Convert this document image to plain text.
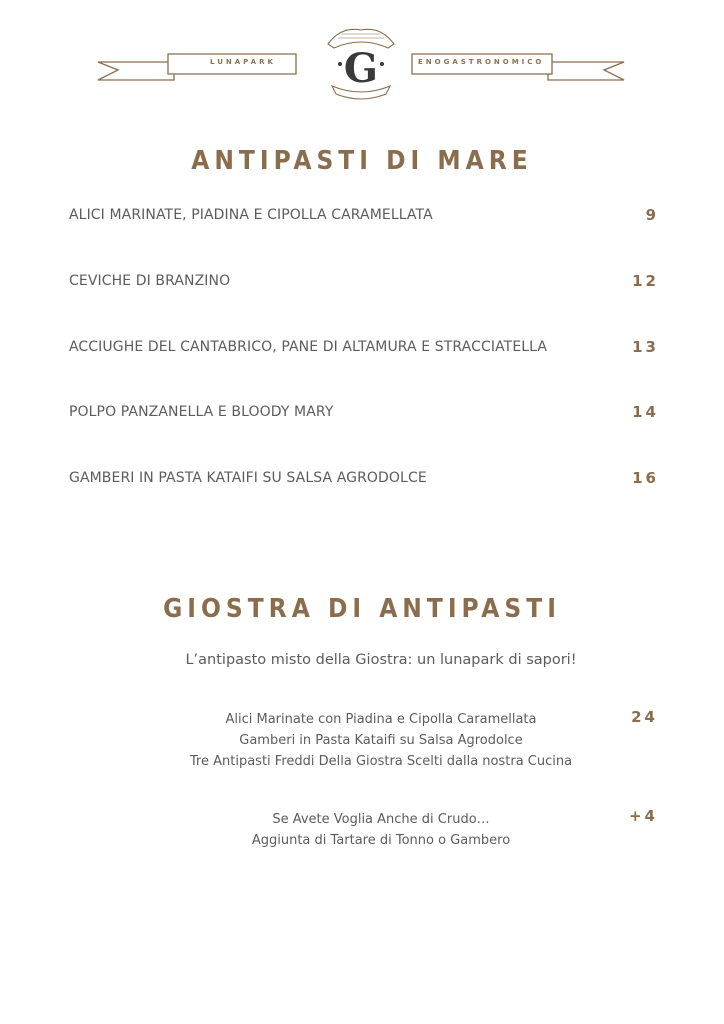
G
LUNAPARK	ENOGASTRONOMICO
ANTIPASTI DI MARE
ALICI MARINATE, PIADINA E CIPOLLA CARAMELLATA	9
CEVICHE DI BRANZINO	12
ACCIUGHE DEL CANTABRICO, PANE DI ALTAMURA E STRACCIATELLA	13
POLPO PANZANELLA E BLOODY MARY	14
GAMBERI IN PASTA KATAIFI SU SALSA AGRODOLCE	16
GIOSTRA DI ANTIPASTI
L’antipasto misto della Giostra: un lunapark di sapori!
Alici Marinate con Piadina e Cipolla Caramellata
Gamberi in Pasta Kataifi su Salsa Agrodolce
Tre Antipasti Freddi Della Giostra Scelti dalla nostra Cucina
24
Se Avete Voglia Anche di Crudo…
Aggiunta di Tartare di Tonno o Gambero
+4
